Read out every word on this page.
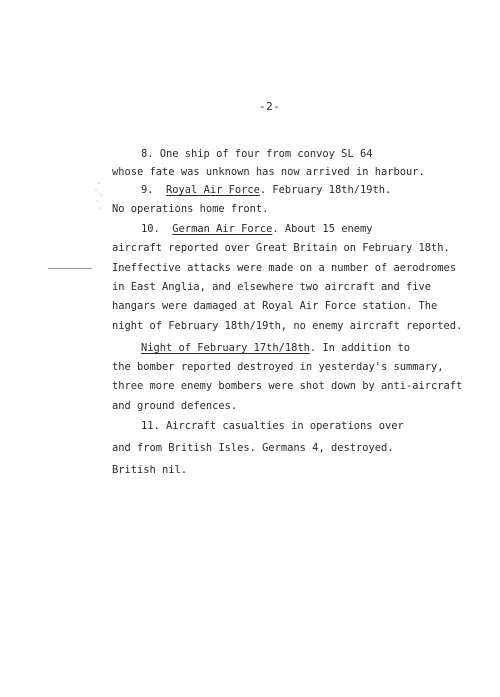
-2-
8. One ship of four from convoy SL 64
whose fate was unknown has now arrived in harbour.
9. Royal Air Force. February 18th/19th.
No operations home front.
10. German Air Force. About 15 enemy
aircraft reported over Great Britain on February 18th.
Ineffective attacks were made on a number of aerodromes
in East Anglia, and elsewhere two aircraft and five
hangars were damaged at Royal Air Force station. The
night of February 18th/19th, no enemy aircraft reported.
Night of February 17th/18th. In addition to
the bomber reported destroyed in yesterday's summary,
three more enemy bombers were shot down by anti-aircraft
and ground defences.
11. Aircraft casualties in operations over
and from British Isles. Germans 4, destroyed.
British nil.
